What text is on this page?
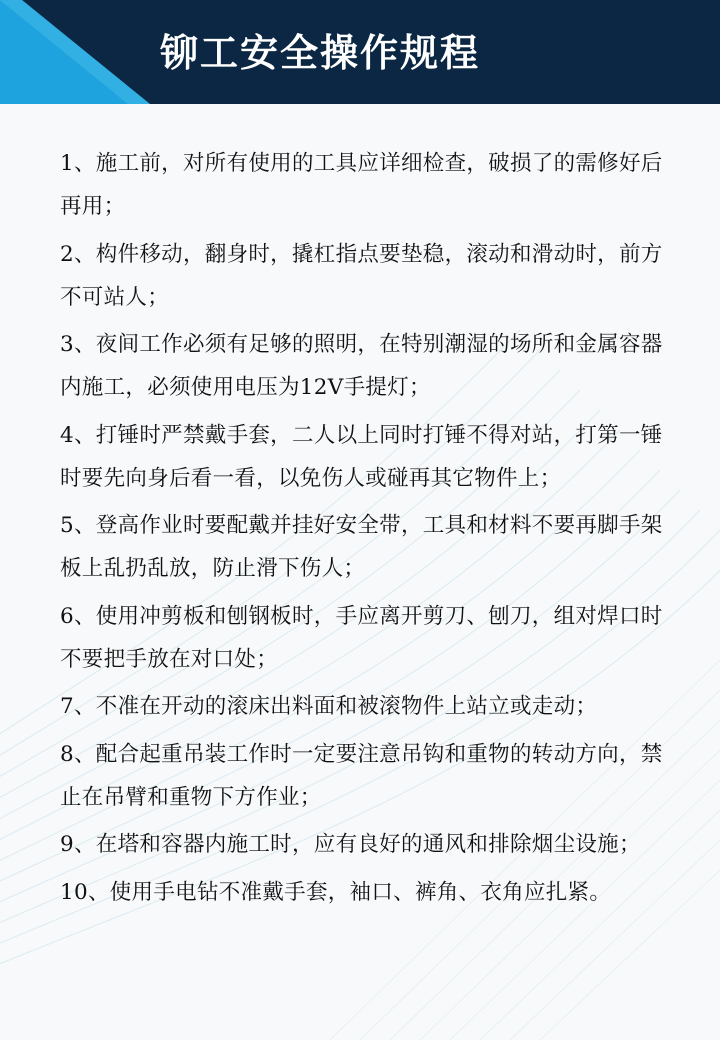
铆工安全操作规程
1、施工前，对所有使用的工具应详细检查，破损了的需修好后再用；
2、构件移动，翻身时，撬杠指点要垫稳，滚动和滑动时，前方不可站人；
3、夜间工作必须有足够的照明，在特别潮湿的场所和金属容器内施工，必须使用电压为12V手提灯；
4、打锤时严禁戴手套，二人以上同时打锤不得对站，打第一锤时要先向身后看一看，以免伤人或碰再其它物件上；
5、登高作业时要配戴并挂好安全带，工具和材料不要再脚手架板上乱扔乱放，防止滑下伤人；
6、使用冲剪板和刨钢板时，手应离开剪刀、刨刀，组对焊口时不要把手放在对口处；
7、不准在开动的滚床出料面和被滚物件上站立或走动；
8、配合起重吊装工作时一定要注意吊钩和重物的转动方向，禁止在吊臂和重物下方作业；
9、在塔和容器内施工时，应有良好的通风和排除烟尘设施；
10、使用手电钻不准戴手套，袖口、裤角、衣角应扎紧。
